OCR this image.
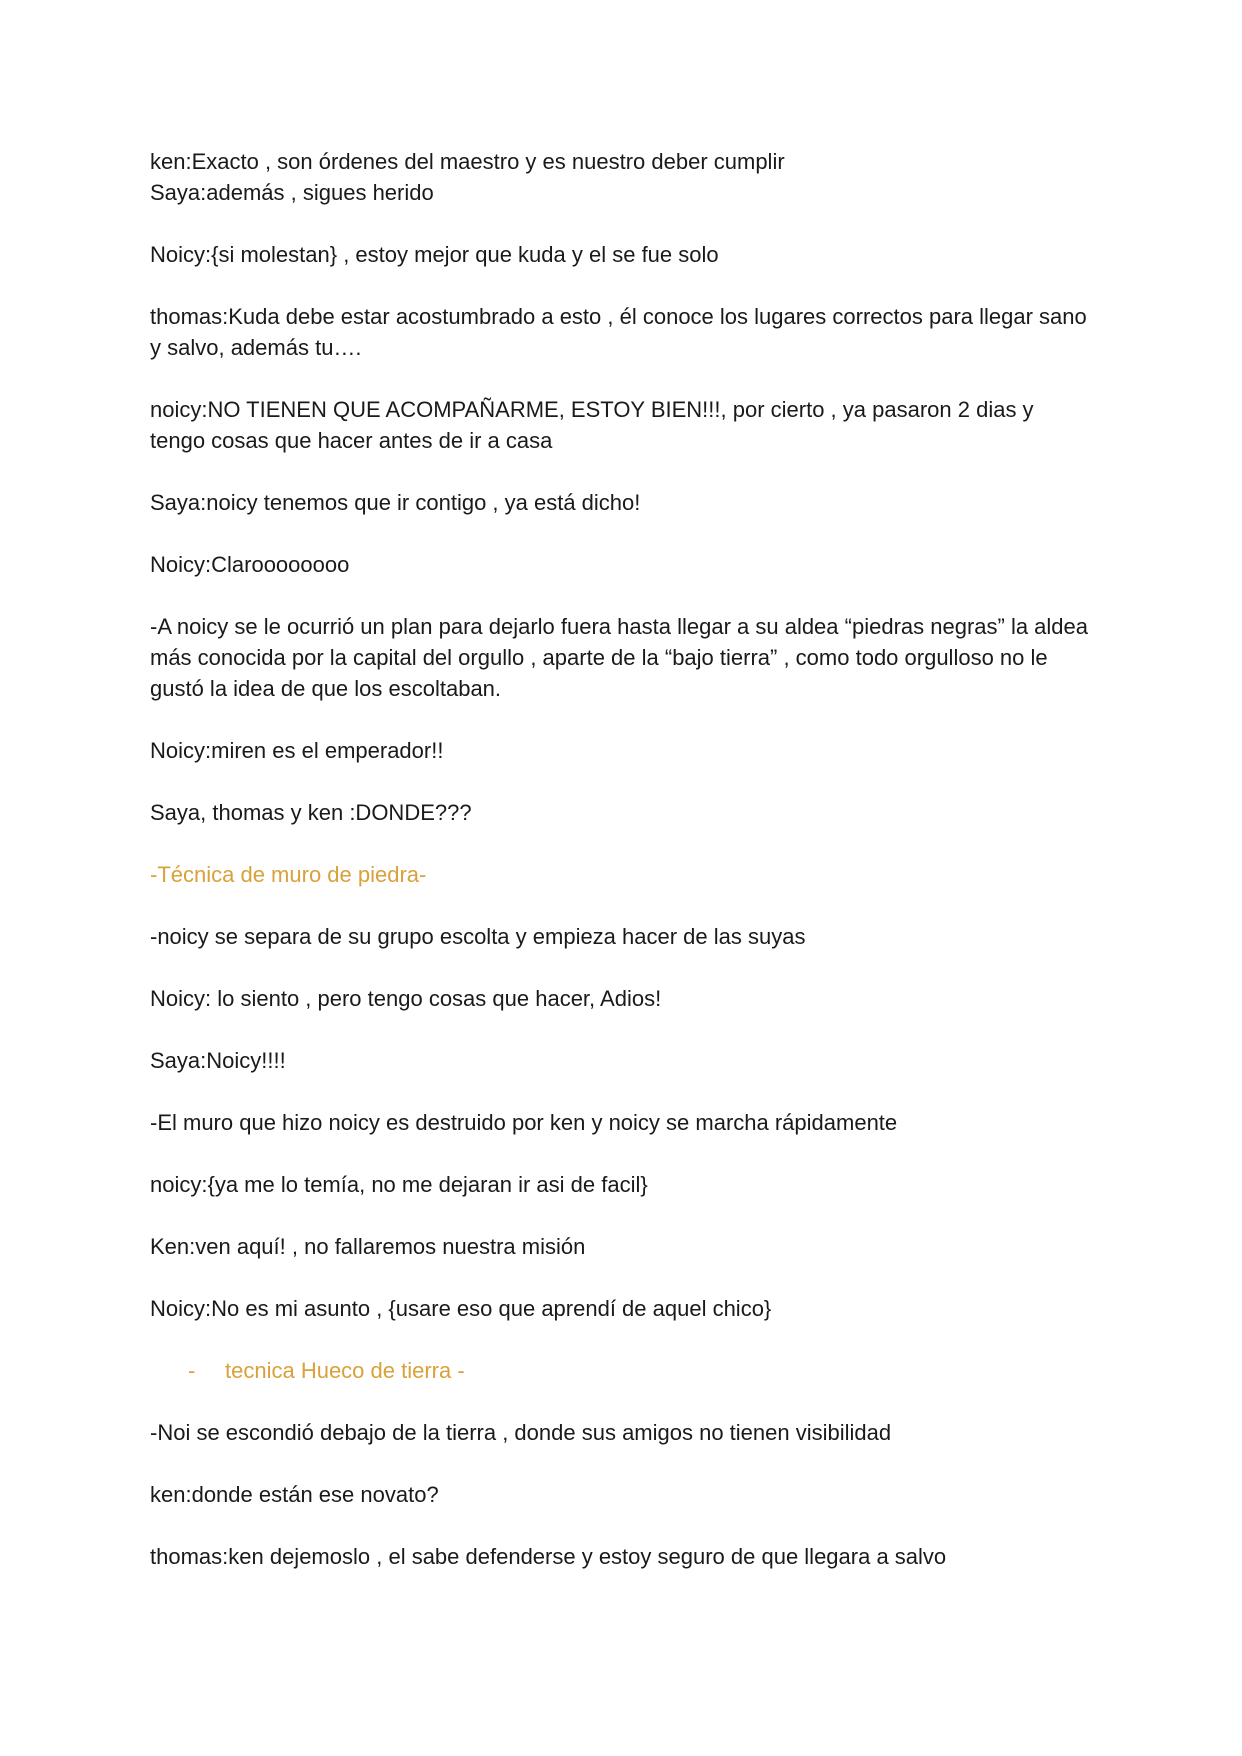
ken:Exacto , son órdenes del maestro y es nuestro deber cumplir

Saya:además , sigues herido

Noicy:{si molestan} , estoy mejor que kuda y el se fue solo

thomas:Kuda debe estar acostumbrado a esto , él conoce los lugares correctos para llegar sano y salvo, además tu….

noicy:NO TIENEN QUE ACOMPAÑARME, ESTOY BIEN!!!, por cierto , ya pasaron 2 dias y tengo cosas que hacer antes de ir a casa

Saya:noicy tenemos que ir contigo , ya está dicho!

Noicy:Claroooooooo

-A noicy se le ocurrió un plan para dejarlo fuera hasta llegar a su aldea “piedras negras” la aldea más conocida por la capital del orgullo , aparte de la “bajo tierra” , como todo orgulloso no le gustó la idea de que los escoltaban.

Noicy:miren es el emperador!!

Saya, thomas y ken :DONDE???

-Técnica de muro de piedra-

-noicy se separa de su grupo escolta y empieza hacer de las suyas

Noicy: lo siento , pero tengo cosas que hacer, Adios!

Saya:Noicy!!!!

-El muro que hizo noicy es destruido por ken y noicy se marcha rápidamente

noicy:{ya me lo temía, no me dejaran ir asi de facil}

Ken:ven aquí! , no fallaremos nuestra misión

Noicy:No es mi asunto , {usare eso que aprendí de aquel chico}

- tecnica Hueco de tierra -

-Noi se escondió debajo de la tierra , donde sus amigos no tienen visibilidad

ken:donde están ese novato?

thomas:ken dejemoslo , el sabe defenderse y estoy seguro de que llegara a salvo
